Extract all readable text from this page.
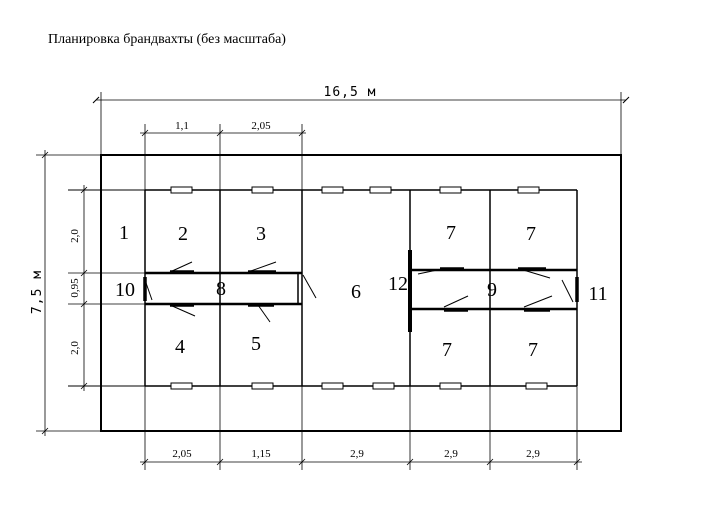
Планировка брандвахты (без масштаба)

16,5 м
1,1	2,05
7,5 м
2,0
0,95
2,0
2,05	1,15	2,9	2,9	2,9
1 2	3
4	5
6
7	7
7	7
8	9
10	11
12
